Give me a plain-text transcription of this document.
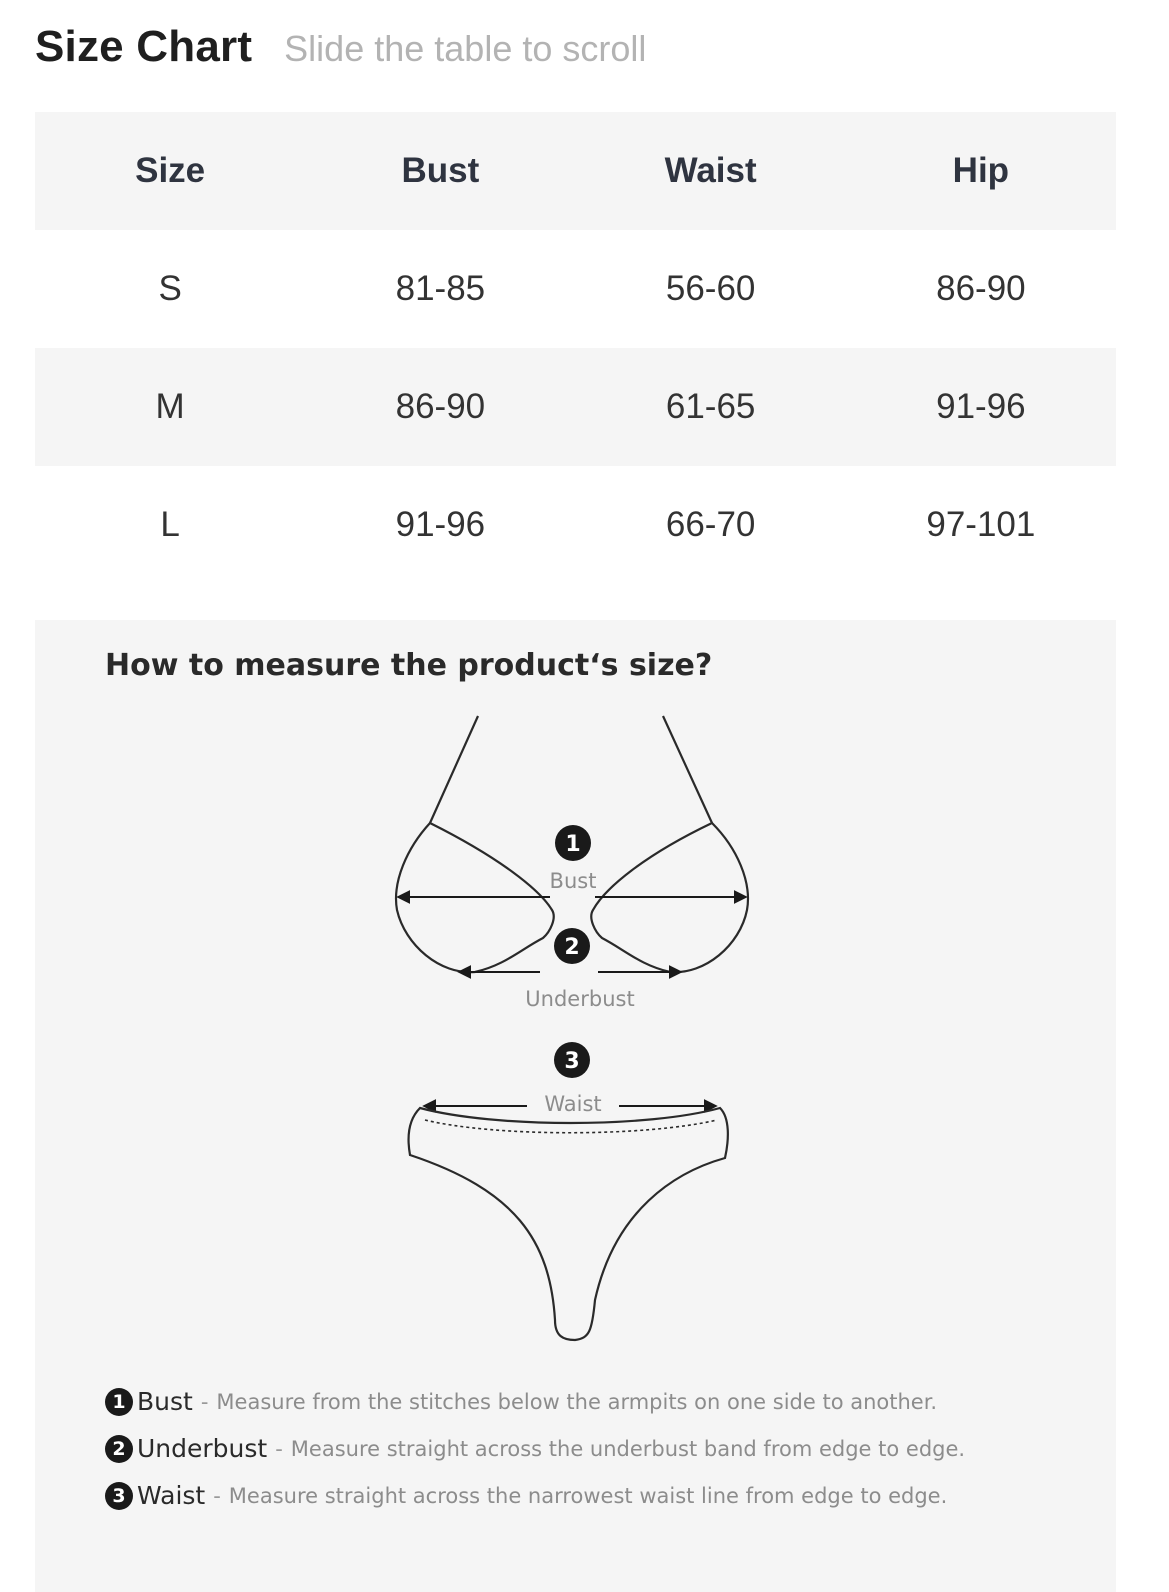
Size Chart Slide the table to scroll
Size	Bust	Waist	Hip
S	81-85	56-60	86-90
M	86-90	61-65	91-96
L	91-96	66-70	97-101
How to measure the product‘s size?
1
Bust
2
Underbust
3
Waist
1 Bust - Measure from the stitches below the armpits on one side to another.
2 Underbust - Measure straight across the underbust band from edge to edge.
3 Waist - Measure straight across the narrowest waist line from edge to edge.
